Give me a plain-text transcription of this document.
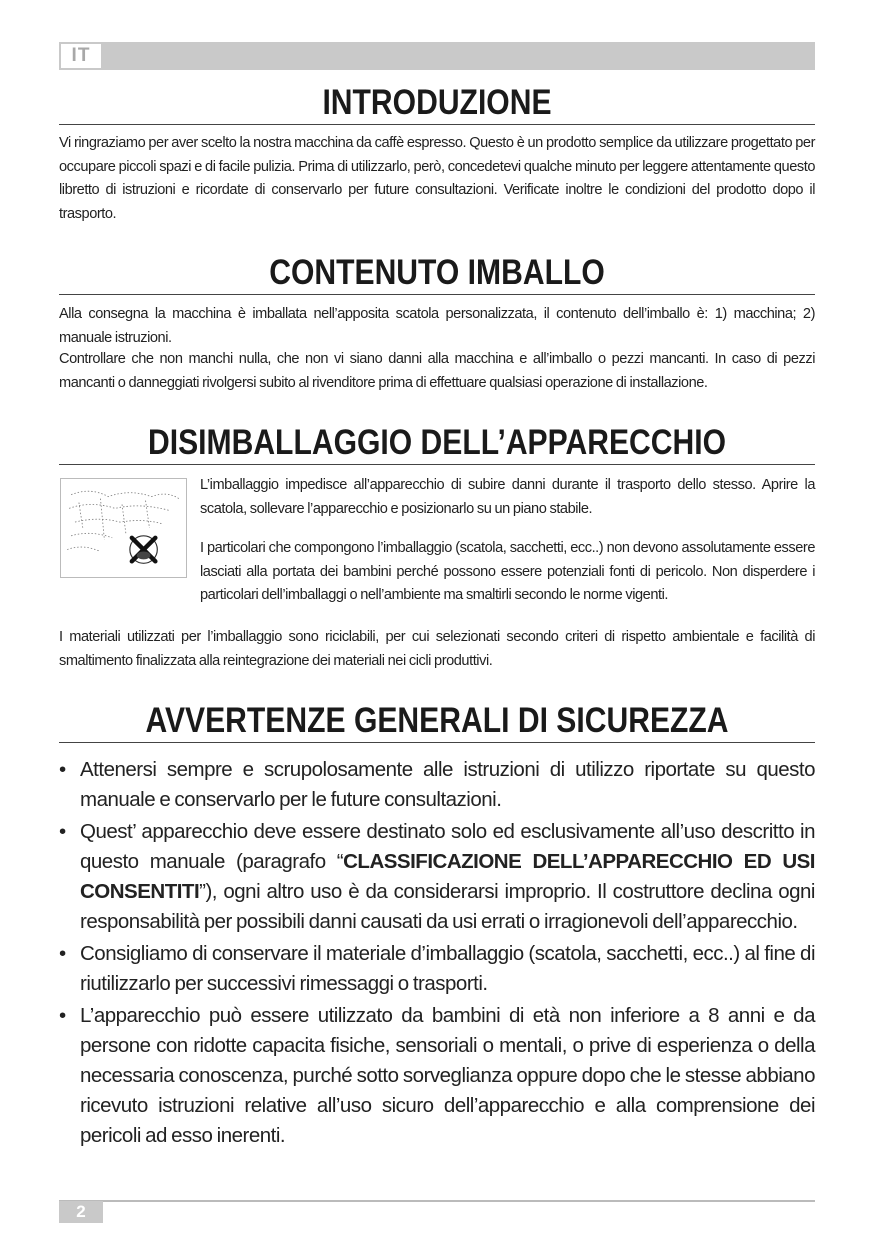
IT
INTRODUZIONE

Vi ringraziamo per aver scelto la nostra macchina da caffè espresso. Questo è un prodotto semplice da utilizzare progettato per occupare piccoli spazi e di facile pulizia. Prima di utilizzarlo, però, concedetevi qualche minuto per leggere attentamente questo libretto di istruzioni e ricordate di conservarlo per future consultazioni. Verificate inoltre le condizioni del prodotto dopo il trasporto.

CONTENUTO IMBALLO

Alla consegna la macchina è imballata nell’apposita scatola personalizzata, il contenuto dell’imballo è: 1) macchina; 2) manuale istruzioni.

Controllare che non manchi nulla, che non vi siano danni alla macchina e all’imballo o pezzi mancanti. In caso di pezzi mancanti o danneggiati rivolgersi subito al rivenditore prima di effettuare qualsiasi operazione di installazione.

DISIMBALLAGGIO DELL’APPARECCHIO

L’imballaggio impedisce all’apparecchio di subire danni durante il trasporto dello stesso. Aprire la scatola, sollevare l’apparecchio e posizionarlo su un piano stabile.

I particolari che compongono l’imballaggio (scatola, sacchetti, ecc..) non devono assolutamente essere lasciati alla portata dei bambini perché possono essere potenziali fonti di pericolo. Non disperdere i particolari dell’imballaggi o nell’ambiente ma smaltirli secondo le norme vigenti.

I materiali utilizzati per l’imballaggio sono riciclabili, per cui selezionati secondo criteri di rispetto ambientale e facilità di smaltimento finalizzata alla reintegrazione dei materiali nei cicli produttivi.

AVVERTENZE GENERALI DI SICUREZZA
• Attenersi sempre e scrupolosamente alle istruzioni di utilizzo riportate su questo manuale e conservarlo per le future consultazioni.
• Quest’ apparecchio deve essere destinato solo ed esclusivamente all’uso descritto in questo manuale (paragrafo “CLASSIFICAZIONE DELL’APPARECCHIO ED USI CONSENTITI”), ogni altro uso è da considerarsi improprio. Il costruttore declina ogni responsabilità per possibili danni causati da usi errati o irragionevoli dell’apparecchio.
• Consigliamo di conservare il materiale d’imballaggio (scatola, sacchetti, ecc..) al fine di riutilizzarlo per successivi rimessaggi o trasporti.
• L’apparecchio può essere utilizzato da bambini di età non inferiore a 8 anni e da persone con ridotte capacita fisiche, sensoriali o mentali, o prive di esperienza o della necessaria conoscenza, purché sotto sorveglianza oppure dopo che le stesse abbiano ricevuto istruzioni relative all’uso sicuro dell’apparecchio e alla comprensione dei pericoli ad esso inerenti.
2
